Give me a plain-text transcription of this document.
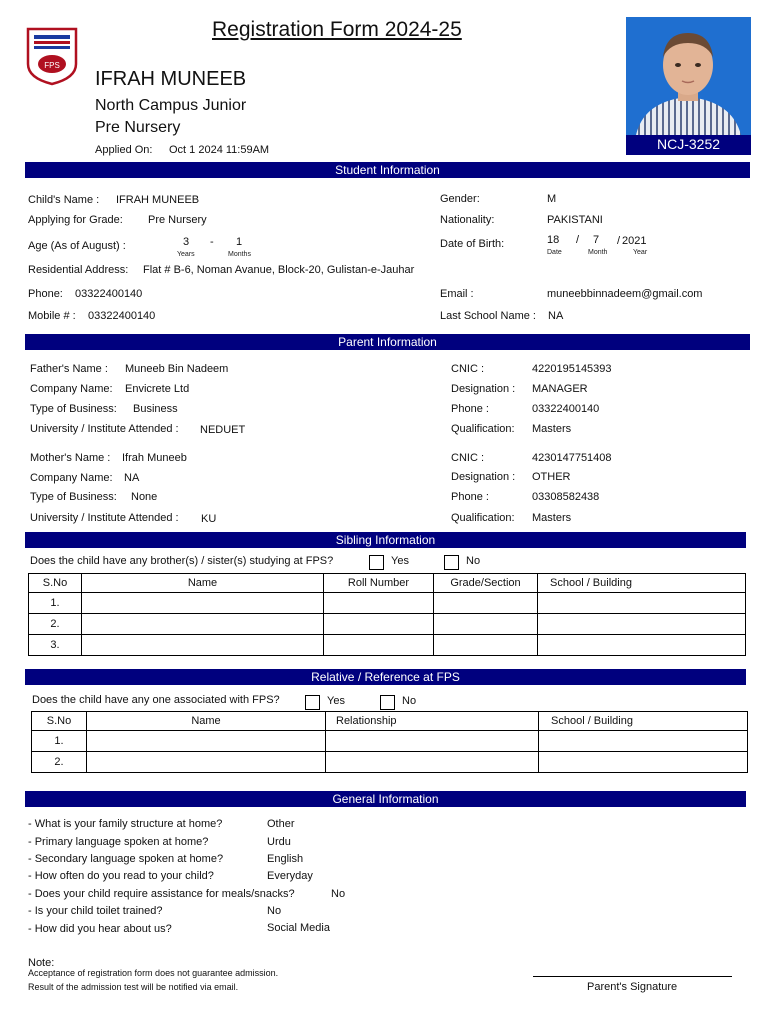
Registration Form 2024-25
FPS
IFRAH MUNEEB
North Campus Junior
Pre Nursery
Applied On: Oct 1 2024 11:59AM	NCJ-3252
Student Information
Child's Name : IFRAH MUNEEB
Applying for Grade: Pre Nursery
Age (As of August) :	3 - 1
Years	Months
Residential Address: Flat # B-6, Noman Avanue, Block-20, Gulistan-e-Jauhar
Phone: 03322400140
Mobile # : 03322400140
Gender:	M
Nationality:	PAKISTANI
Date of Birth:	18 / 7 / 2021
Date	Month	Year
Email :	muneebbinnadeem@gmail.com
Last School Name : NA
Parent Information
Father's Name : Muneeb Bin Nadeem
Company Name: Envicrete Ltd
Type of Business: Business
University / Institute Attended : NEDUET
CNIC :	4220195145393
Designation : MANAGER
Phone :	03322400140
Qualification: Masters
Mother's Name : Ifrah Muneeb
Company Name: NA
Type of Business: None
University / Institute Attended : KU
CNIC :	4230147751408
Designation : OTHER
Phone :	03308582438
Qualification: Masters
Sibling Information
Does the child have any brother(s) / sister(s) studying at FPS?	Yes	No
S.No	Name	Roll Number	Grade/Section	School / Building
1.				
2.				
3.				
Relative / Reference at FPS
Does the child have any one associated with FPS?	Yes	No
S.No	Name	Relationship	School / Building
1.			
2.			
General Information
- What is your family structure at home?	Other
- Primary language spoken at home?	Urdu
- Secondary language spoken at home?	English
- How often do you read to your child?	Everyday
- Does your child require assistance for meals/snacks?	No
- Is your child toilet trained?	No
- How did you hear about us?	Social Media
Note:
Acceptance of registration form does not guarantee admission.
Result of the admission test will be notified via email.	Parent's Signature
